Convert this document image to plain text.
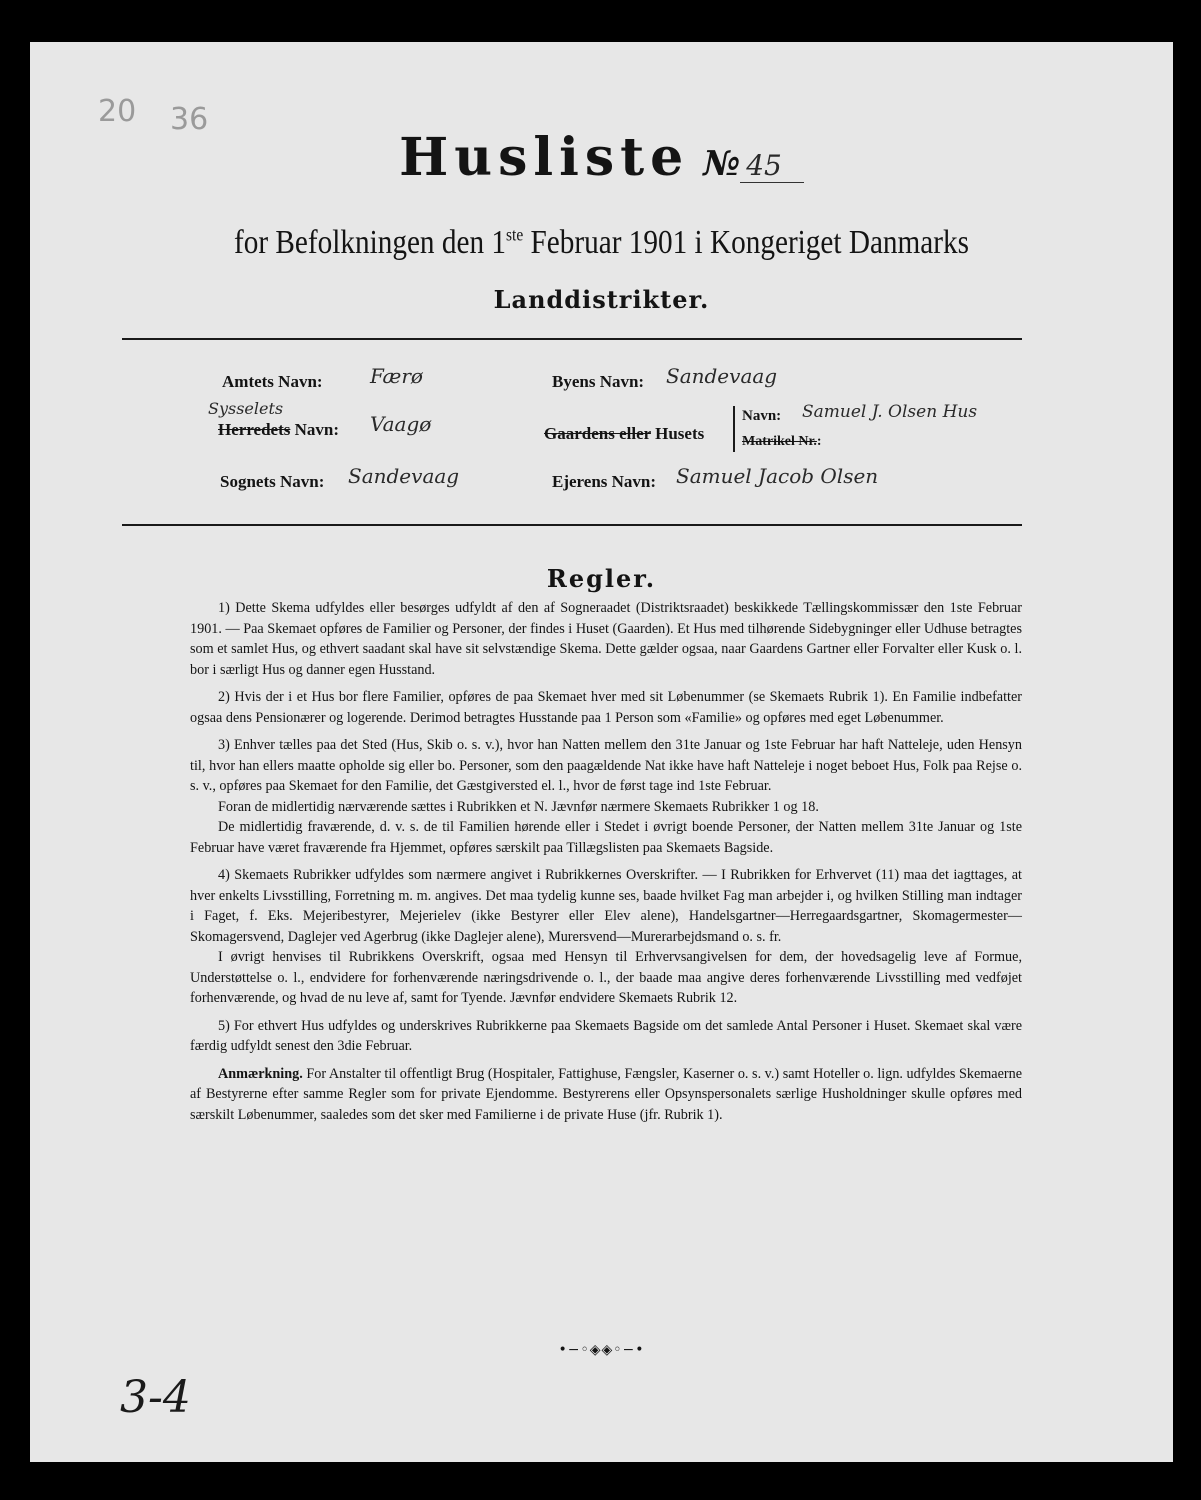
20 36
Husliste № 45
for Befolkningen den 1ste Februar 1901 i Kongeriget Danmarks
Landdistrikter.
Amtets Navn: Færø
Sysselets
Herredets Navn: Vaagø
Sognets Navn: Sandevaag
Byens Navn: Sandevaag
Gaardens eller Husets
Navn: Samuel J. Olsen Hus
Matrikel Nr.:
Ejerens Navn: Samuel Jacob Olsen
Regler.

1) Dette Skema udfyldes eller besørges udfyldt af den af Sogneraadet (Distriktsraadet) beskikkede Tællingskommissær den 1ste Februar 1901. — Paa Skemaet opføres de Familier og Personer, der findes i Huset (Gaarden). Et Hus med tilhørende Sidebygninger eller Udhuse betragtes som et samlet Hus, og ethvert saadant skal have sit selvstændige Skema. Dette gælder ogsaa, naar Gaardens Gartner eller Forvalter eller Kusk o. l. bor i særligt Hus og danner egen Husstand.

2) Hvis der i et Hus bor flere Familier, opføres de paa Skemaet hver med sit Løbenummer (se Skemaets Rubrik 1). En Familie indbefatter ogsaa dens Pensionærer og logerende. Derimod betragtes Husstande paa 1 Person som «Familie» og opføres med eget Løbenummer.

3) Enhver tælles paa det Sted (Hus, Skib o. s. v.), hvor han Natten mellem den 31te Januar og 1ste Februar har haft Natteleje, uden Hensyn til, hvor han ellers maatte opholde sig eller bo. Personer, som den paagældende Nat ikke have haft Natteleje i noget beboet Hus, Folk paa Rejse o. s. v., opføres paa Skemaet for den Familie, det Gæstgiversted el. l., hvor de først tage ind 1ste Februar.

Foran de midlertidig nærværende sættes i Rubrikken et N. Jævnfør nærmere Skemaets Rubrikker 1 og 18.

De midlertidig fraværende, d. v. s. de til Familien hørende eller i Stedet i øvrigt boende Personer, der Natten mellem 31te Januar og 1ste Februar have været fraværende fra Hjemmet, opføres særskilt paa Tillægslisten paa Skemaets Bagside.

4) Skemaets Rubrikker udfyldes som nærmere angivet i Rubrikkernes Overskrifter. — I Rubrikken for Erhvervet (11) maa det iagttages, at hver enkelts Livsstilling, Forretning m. m. angives. Det maa tydelig kunne ses, baade hvilket Fag man arbejder i, og hvilken Stilling man indtager i Faget, f. Eks. Mejeribestyrer, Mejerielev (ikke Bestyrer eller Elev alene), Handelsgartner—Herregaardsgartner, Skomagermester—Skomagersvend, Daglejer ved Agerbrug (ikke Daglejer alene), Murersvend—Murerarbejdsmand o. s. fr.

I øvrigt henvises til Rubrikkens Overskrift, ogsaa med Hensyn til Erhvervsangivelsen for dem, der hovedsagelig leve af Formue, Understøttelse o. l., endvidere for forhenværende næringsdrivende o. l., der baade maa angive deres forhenværende Livsstilling med vedføjet forhenværende, og hvad de nu leve af, samt for Tyende. Jævnfør endvidere Skemaets Rubrik 12.

5) For ethvert Hus udfyldes og underskrives Rubrikkerne paa Skemaets Bagside om det samlede Antal Personer i Huset. Skemaet skal være færdig udfyldt senest den 3die Februar.

Anmærkning. For Anstalter til offentligt Brug (Hospitaler, Fattighuse, Fængsler, Kaserner o. s. v.) samt Hoteller o. lign. udfyldes Skemaerne af Bestyrerne efter samme Regler som for private Ejendomme. Bestyrerens eller Opsynspersonalets særlige Husholdninger skulle opføres med særskilt Løbenummer, saaledes som det sker med Familierne i de private Huse (jfr. Rubrik 1).

•−◦◈◈◦−•
3-4
